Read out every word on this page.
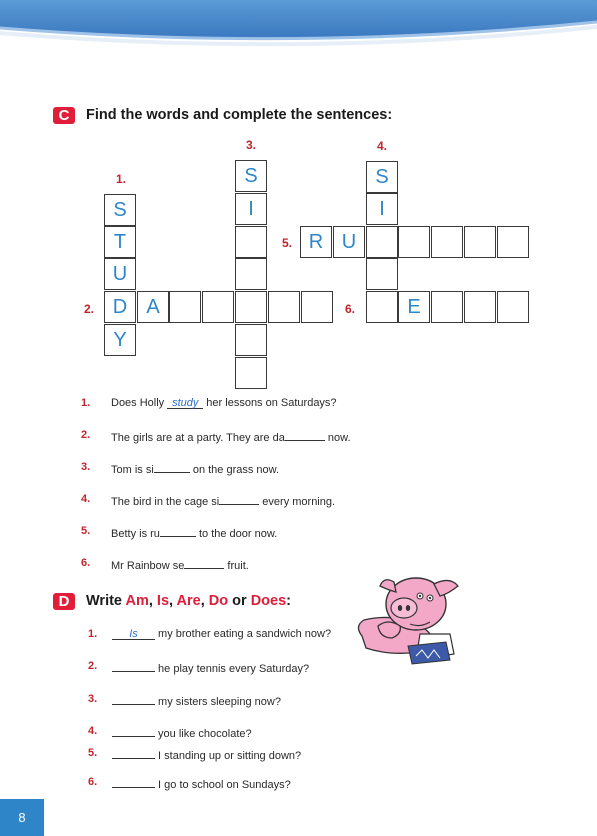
C	Find the words and complete the sentences:
1.
2.
3.	4.
5.
6.
S
T
U
D
Y
A
S
I
S
I
R U
E
1. Does Holly study her lessons on Saturdays?
2. The girls are at a party. They are da	now.
3. Tom is si	on the grass now.
4. The bird in the cage si	every morning.
5. Betty is ru	to the door now.
6. Mr Rainbow se	fruit.
D	Write Am, Is, Are, Do or Does:
1.	Is my brother eating a sandwich now?
2.	he play tennis every Saturday?
3.	my sisters sleeping now?
4.	you like chocolate?
5.	I standing up or sitting down?
6.	I go to school on Sundays?
8
